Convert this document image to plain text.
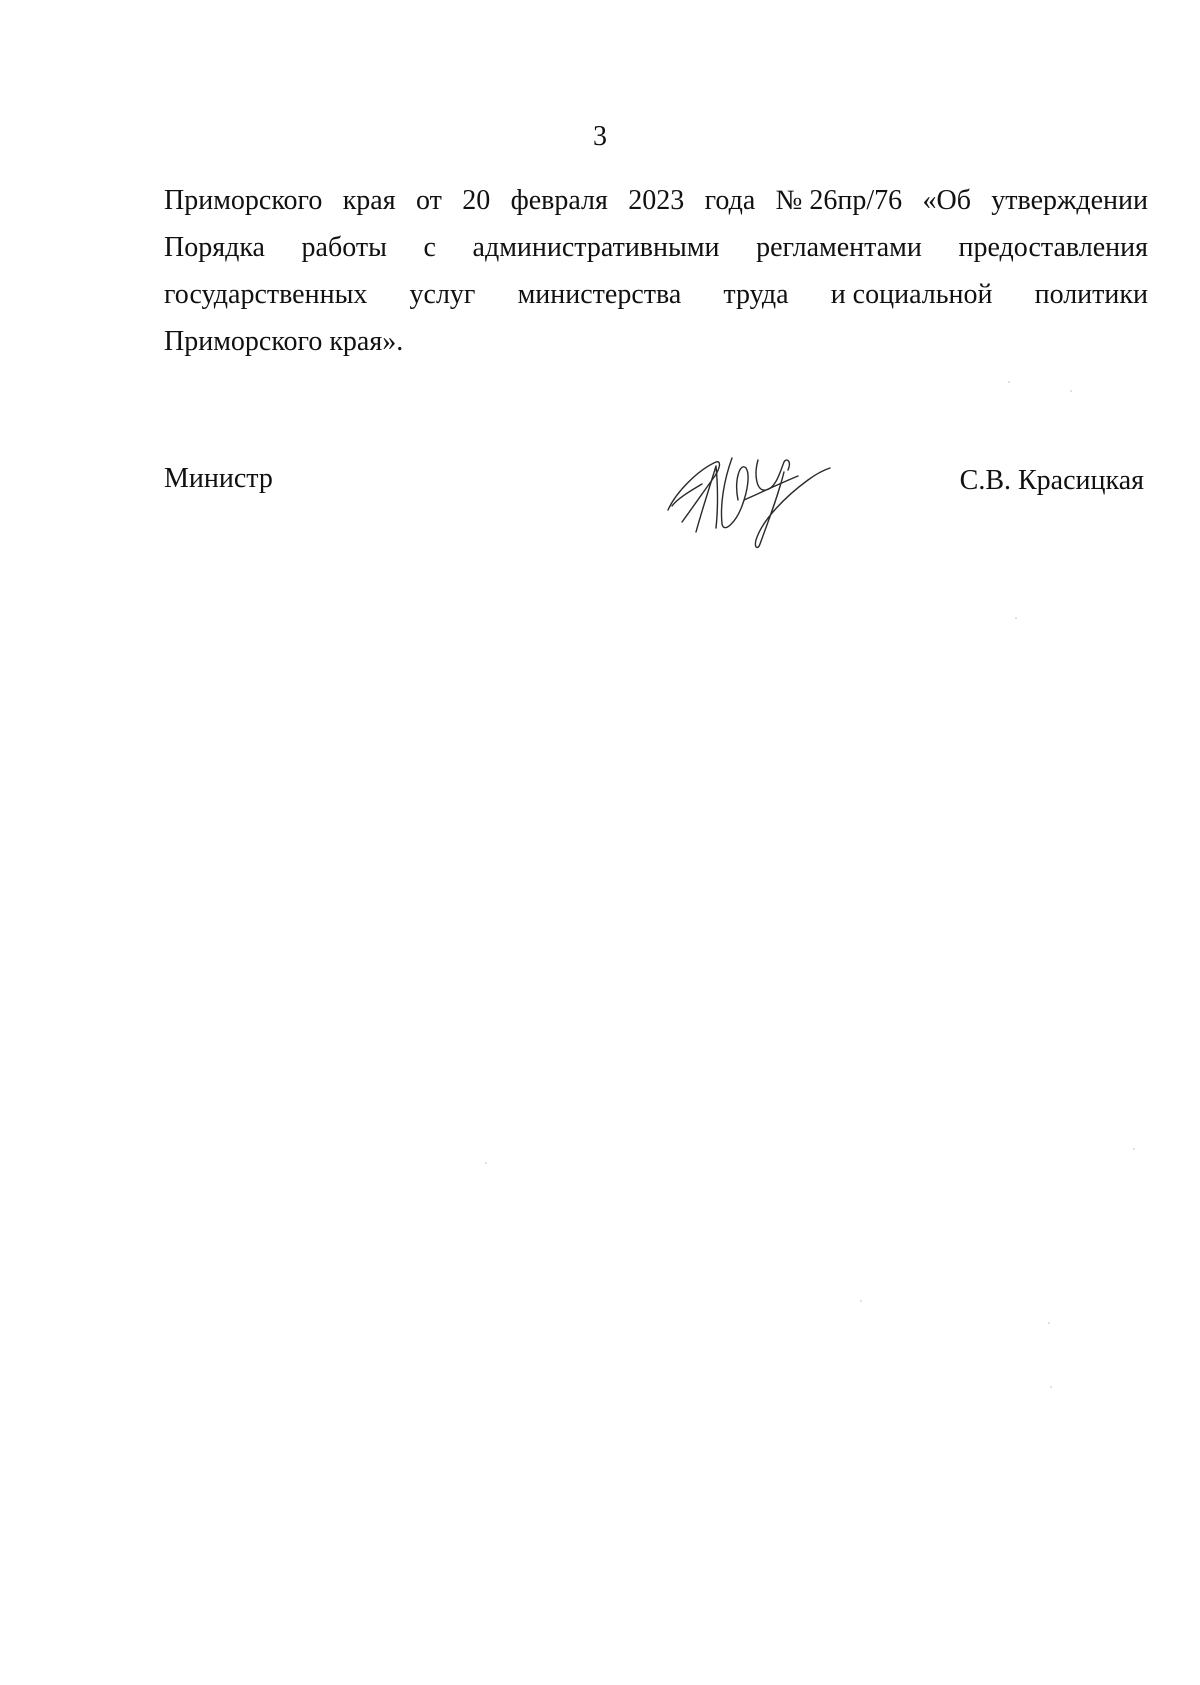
3
Приморского края от 20 февраля 2023 года № 26пр/76 «Об утверждении
Порядка работы с административными регламентами предоставления
государственных услуг министерства труда и социальной политики
Приморского края».
Министр	С.В. Красицкая
